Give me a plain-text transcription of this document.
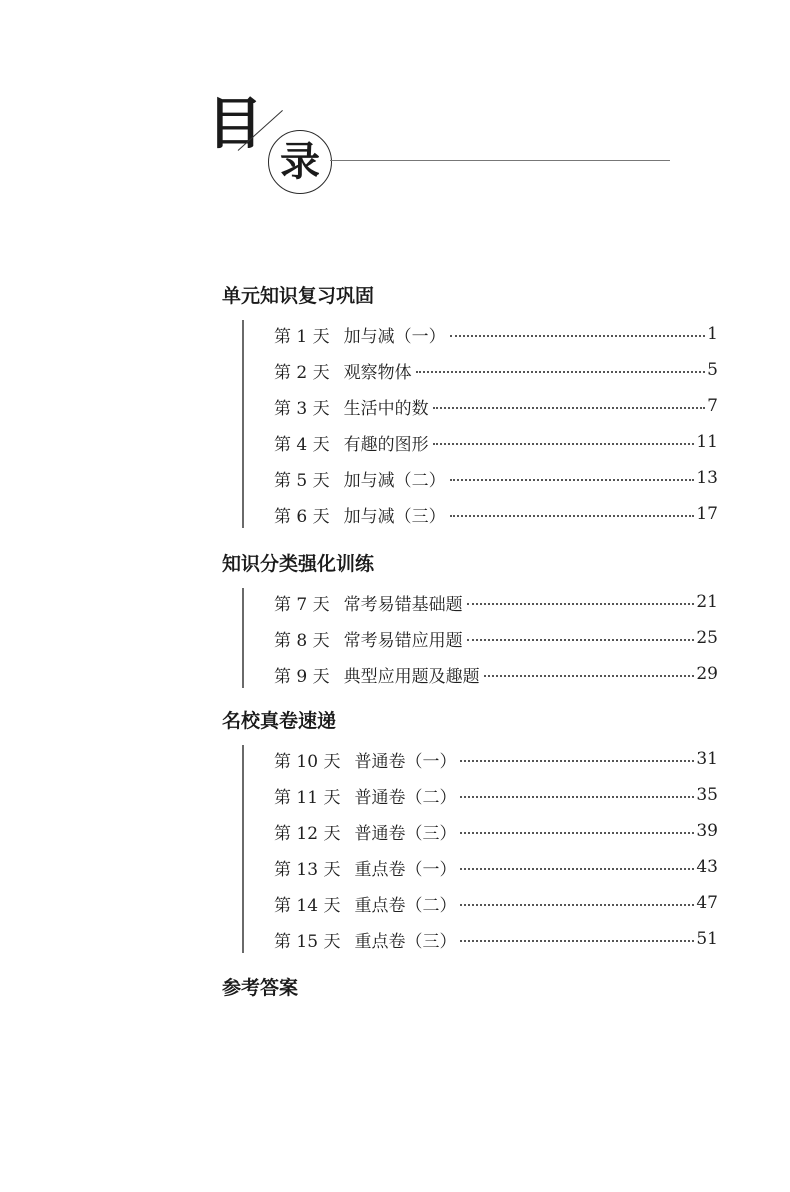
目
录
单元知识复习巩固
第 1 天 加与减（一）	1
第 2 天 观察物体	5
第 3 天 生活中的数	7
第 4 天 有趣的图形	11
第 5 天 加与减（二）	13
第 6 天 加与减（三）	17
知识分类强化训练
第 7 天 常考易错基础题	21
第 8 天 常考易错应用题	25
第 9 天 典型应用题及趣题	29
名校真卷速递
第 10 天 普通卷（一）	31
第 11 天 普通卷（二）	35
第 12 天 普通卷（三）	39
第 13 天 重点卷（一）	43
第 14 天 重点卷（二）	47
第 15 天 重点卷（三）	51
参考答案
